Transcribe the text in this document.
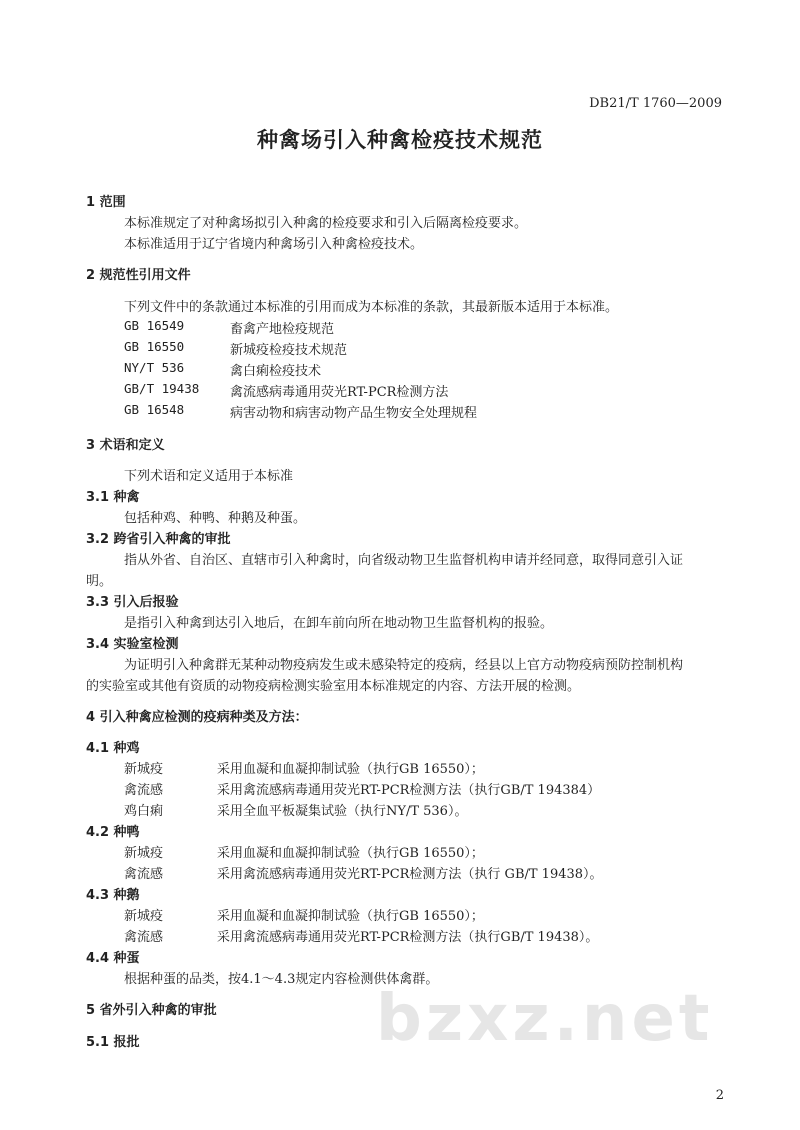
DB21/T 1760—2009
种禽场引入种禽检疫技术规范
1 范围
本标准规定了对种禽场拟引入种禽的检疫要求和引入后隔离检疫要求。
本标准适用于辽宁省境内种禽场引入种禽检疫技术。
2 规范性引用文件
下列文件中的条款通过本标准的引用而成为本标准的条款，其最新版本适用于本标准。
GB 16549	畜禽产地检疫规范
GB 16550	新城疫检疫技术规范
NY/T 536	禽白痢检疫技术
GB/T 19438 禽流感病毒通用荧光RT-PCR检测方法
GB 16548	病害动物和病害动物产品生物安全处理规程
3 术语和定义
下列术语和定义适用于本标准
3.1 种禽
包括种鸡、种鸭、种鹅及种蛋。
3.2 跨省引入种禽的审批
指从外省、自治区、直辖市引入种禽时，向省级动物卫生监督机构申请并经同意，取得同意引入证
明。
3.3 引入后报验
是指引入种禽到达引入地后，在卸车前向所在地动物卫生监督机构的报验。
3.4 实验室检测
为证明引入种禽群无某种动物疫病发生或未感染特定的疫病，经县以上官方动物疫病预防控制机构
的实验室或其他有资质的动物疫病检测实验室用本标准规定的内容、方法开展的检测。
4 引入种禽应检测的疫病种类及方法：
4.1 种鸡
新城疫	采用血凝和血凝抑制试验（执行GB 16550）；
禽流感	采用禽流感病毒通用荧光RT-PCR检测方法（执行GB/T 194384）
鸡白痢	采用全血平板凝集试验（执行NY/T 536）。
4.2 种鸭
新城疫	采用血凝和血凝抑制试验（执行GB 16550）；
禽流感	采用禽流感病毒通用荧光RT-PCR检测方法（执行 GB/T 19438）。
4.3 种鹅
新城疫	采用血凝和血凝抑制试验（执行GB 16550）；
禽流感	采用禽流感病毒通用荧光RT-PCR检测方法（执行GB/T 19438）。
4.4 种蛋
根据种蛋的品类，按4.1～4.3规定内容检测供体禽群。
5 省外引入种禽的审批
5.1 报批	bzxz.net
2
